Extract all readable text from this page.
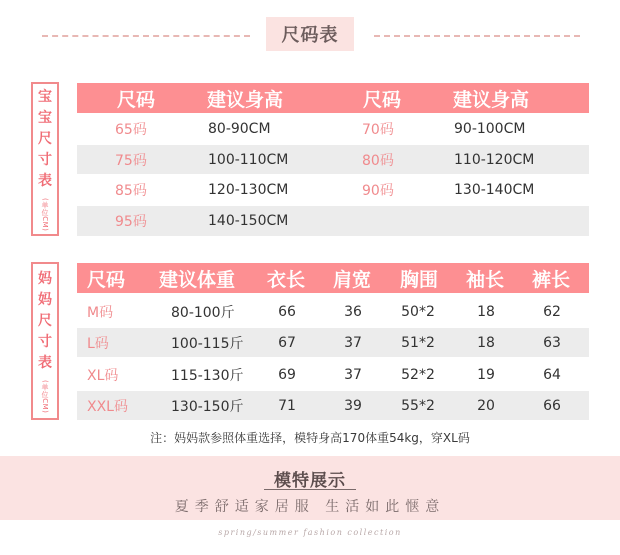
尺码表
宝
宝
尺
寸
表
(单位CM)
尺码	建议身高	尺码	建议身高
65码	80-90CM	70码	90-100CM
75码	100-110CM	80码	110-120CM
85码	120-130CM	90码	130-140CM
95码	140-150CM
妈
妈
尺
寸
表
(单位CM)
尺码 建议体重 衣长 肩宽 胸围 袖长 裤长
M码	80-100斤	66	36	50*2	18	62
L码	100-115斤	67	37	51*2	18	63
XL码	115-130斤	69	37	52*2	19	64
XXL码	130-150斤	71	39	55*2	20	66
注：妈妈款参照体重选择，模特身高170体重54kg，穿XL码
模特展示
夏季舒适家居服 生活如此惬意
spring/summer fashion collection
